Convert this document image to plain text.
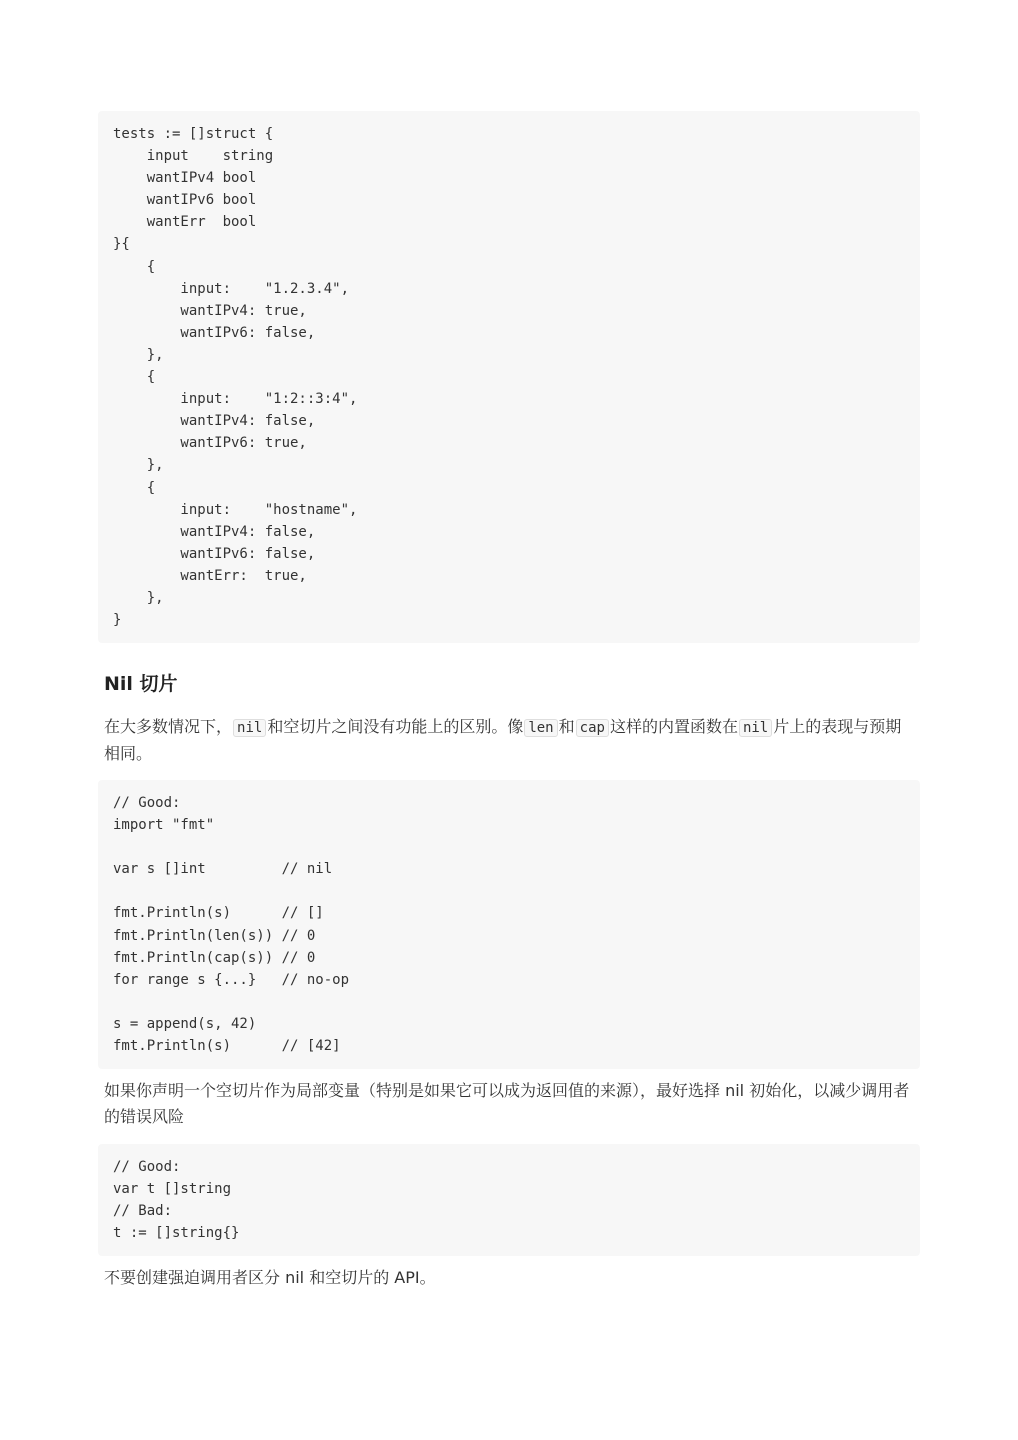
tests := []struct {
input    string
wantIPv4 bool
wantIPv6 bool
wantErr  bool
}{
{
input:    "1.2.3.4",
wantIPv4: true,
wantIPv6: false,
},
{
input:    "1:2::3:4",
wantIPv4: false,
wantIPv6: true,
},
{
input:    "hostname",
wantIPv4: false,
wantIPv6: false,
wantErr:  true,
},
}
Nil 切片

在大多数情况下， nil 和空切片之间没有功能上的区别。像 len 和 cap 这样的内置函数在 nil 片上的表现与预期相同。

// Good:
import "fmt"
var s []int         // nil
fmt.Println(s)      // []
fmt.Println(len(s)) // 0
fmt.Println(cap(s)) // 0
for range s {...}   // no-op
s = append(s, 42)
fmt.Println(s)      // [42]

如果你声明一个空切片作为局部变量（特别是如果它可以成为返回值的来源），最好选择 nil 初始化，以减少调用者的错误风险

// Good:
var t []string
// Bad:
t := []string{}

不要创建强迫调用者区分 nil 和空切片的 API。
